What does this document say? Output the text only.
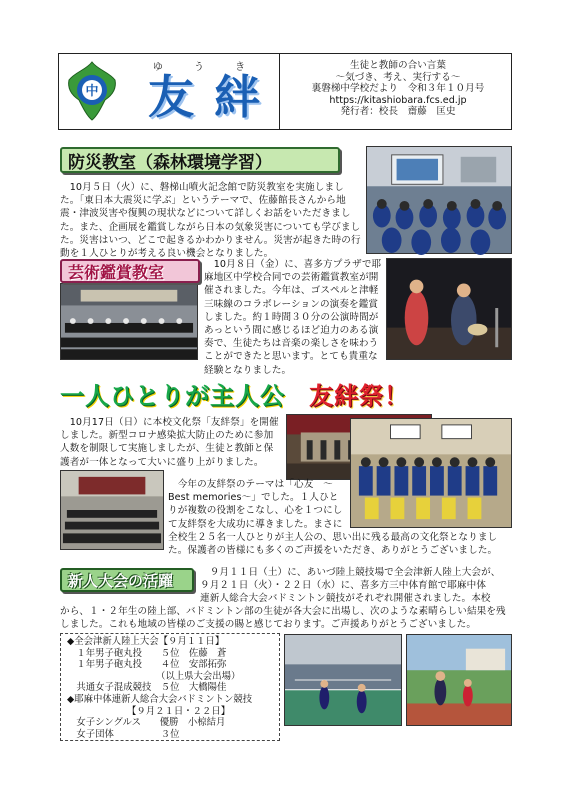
中
ゆ う き
友 絆
生徒と教師の合い言葉
～気づき、考え、実行する～
裏磐梯中学校だより　令和３年１０月号
https://kitashiobara.fcs.ed.jp
発行者：校長　齋藤　匡史
防災教室（森林環境学習）
　10月５日（火）に、磐梯山噴火記念館で防災教室を実施しました。「東日本大震災に学ぶ」というテーマで、佐藤館長さんから地震・津波災害や復興の現状などについて詳しくお話をいただきました。また、企画展を鑑賞しながら日本の気象災害についても学びました。災害はいつ、どこで起きるかわかりません。災害が起きた時の行動を１人ひとりが考える良い機会となりました。
芸術鑑賞教室	　10月８日（金）に、喜多方プラザで耶麻地区中学校合同での芸術鑑賞教室が開催されました。今年は、ゴスペルと津軽三味線のコラボレーションの演奏を鑑賞しました。約１時間３０分の公演時間があっという間に感じるほど迫力のある演奏で、生徒たちは音楽の楽しさを味わうことができたと思います。とても貴重な経験となりました。
一人ひとりが主人公 友絆祭！
　10月17日（日）に本校文化祭「友絆祭」を開催しました。新型コロナ感染拡大防止のために参加人数を制限して実施しましたが、生徒と教師と保護者が一体となって大いに盛り上がりました。
　今年の友絆祭のテーマは「心友　～Best memories～」でした。１人ひとりが複数の役割をこなし、心を１つにして友絆祭を大成功に導きました。まさに
全校生２５名一人ひとりが主人公の、思い出に残る最高の文化祭となりました。保護者の皆様にも多くのご声援をいただき、ありがとうございました。
新人大会の活躍	　９月１１日（土）に、あいづ陸上競技場で全会津新人陸上大会が、
９月２１日（火）・２２日（水）に、喜多方三中体育館で耶麻中体
連新人総合大会バドミントン競技がそれぞれ開催されました。本校
から、１・２年生の陸上部、バドミントン部の生徒が各大会に出場し、次のような素晴らしい結果を残しました。これも地域の皆様のご支援の賜と感じております。ご声援ありがとうございました。
◆全会津新人陸上大会【９月１１日】
　１年男子砲丸投　　５位　佐藤　蒼
　１年男子砲丸投　　４位　安部拓弥
　　　　　　　　　　（以上県大会出場）
　共通女子混成競技　５位　大橋陽佳
◆耶麻中体連新人総合大会バドミントン競技
【９月２１日・２２日】
　女子シングルス　　優勝　小椋結月
　女子団体　　　　　３位
